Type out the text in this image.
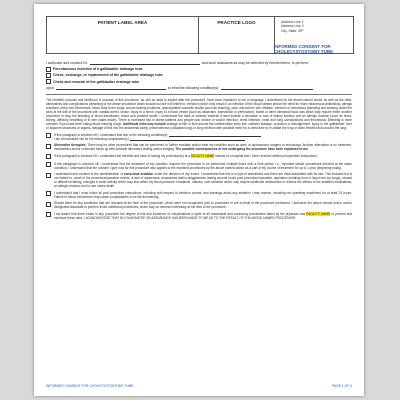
PATIENT LABEL AREA	PRACTICE LOGO	Address Line 1
Address Line 2
City, State, ZIP
INFORMED CONSENT FOR CHOLECYSTOSTOMY TUBE
I authorize and consent Dr.	and such assistants as may be selected by him/her/them, to perform:
Percutaneous insertion of a gallbladder drainage tube
Check, exchange, or replacement of the gallbladder drainage tube
Check and removal of the gallbladder drainage tube
upon	to treat the following condition(s):

The benefits, purpose and likelihood of success of this procedure, as well as what to expect after the procedure, have been explained to me in language I understand by the above-named doctor as well as the risks, alternatives and complications pertaining to the above procedure which include but are not limited to: infection (which may result in an infection of the blood stream and/or the need for more intravenous antibiotics); allergic reactions, deep vein thrombosis, blood clots to the lungs, wound healing problems, unacceptable cosmetic results (such as scarring), pain, discomfort, skin irritation, infection or hematoma (bleeding and bruising under the skin) at the site of the procedure site; cardiac arrest, stroke, injury to a nerve, injury to a blood vessel (such as dissection, transection or perforation), bowel or other intestinal blood loss which may require either another procedure to stop the bleeding or blood transfusion; shock and possible death. I understand the risks of contrast material if used include a decrease or loss of kidney function and an allergic reaction (such as hives, itching, difficulty breathing or in rare cases death). There is increased risk in obese patients and people who smoke of wound infection, chest infection, heart and lung complications and thrombosis. Bleeding is more common if you have been taking blood thinning drugs. Additional risks may include leakage of bile or fluid around the catheter/tube entry site, catheter leakage, occlusion or dislodgement, injury to the gallbladder, liver or adjacent structures or organs, leakage of bile into the abdominal cavity, pneumothorax (collapsed lung) or lung infection with possible need for a chest tube to re-inflate the lung or drain infected fluid around the lung.

If this paragraph is checked off, I understand that due to the following condition(s):
I am at increased risk for the following complication(s):
Alternative therapies: There may be other procedures that can be performed to further evaluate and/or treat my condition such as open or laparoscopic surgery or endoscopy. Another alternative is no treatment, medications and/or continued follow up with possible laboratory testing and/or imaging. The possible consequences of not undergoing the procedure have been explained to me.
If this paragraph is checked off, I understand the benefits and risks of having my procedure(s) at a FACILITY NAME instead of a hospital and I have received written preoperative instructions.
If this paragraph is checked off, I understand that the treatment of my condition requires the procedure to be performed multiple times over a time period, i.e., repeated similar procedures directed at the same condition. I understand that the consent I give now for this procedure also applies to the repeated procedures by the above named doctor as a part of my course of treatment for up to 1 year (beginning today).
I understand and consent to the administration of conscious sedation under the direction of my doctor. I understand that this is a type of anesthesia and there are risks associated with its use. This includes but is not limited to: recall of the procedure/operative events, a lack of awareness, drowsiness and/or sluggishness lasting several hours post procedure/operation, aspiration (inhaling food or liquid into my lungs), slowed or difficult breathing, changes in heart activity which may also affect my blood pressure, headache, nausea, over-sedation which may require additional medications to reverse the effects of the sedation medications, an allergic reaction and in rare cases death.
I understand that I must follow all post procedure instructions, including with respect to infection control, and warnings about any sedation I may receive, including not operating machinery for at least 24 hours. Failure to follow instructions may cause complications or be life-threatening.
Should there be any conditions that are revealed at the time of the procedure, which were not recognized prior to procedure or are a result of the procedure performed, I authorize the above named doctor and/or designated associate to perform those additional procedures, which may be deemed necessary at the time of the procedure.
I am aware that there exists in any procedure the degree of risk and incidence of complications in spite of all reasonable and customary precautions taken by the physician and FACILITY NAME to prevent and minimize these risks. I ACKNOWLEDGE THAT NO GUARANTEE OR ASSURANCE HAS BEEN MADE TO ME AS TO THE RESULT OF THE ABOVE-NAMED PROCEDURE.
​
INFORMED CONSENT FOR CHOLECYSTOSTOMY TUBE	PAGE 1 OF 3
